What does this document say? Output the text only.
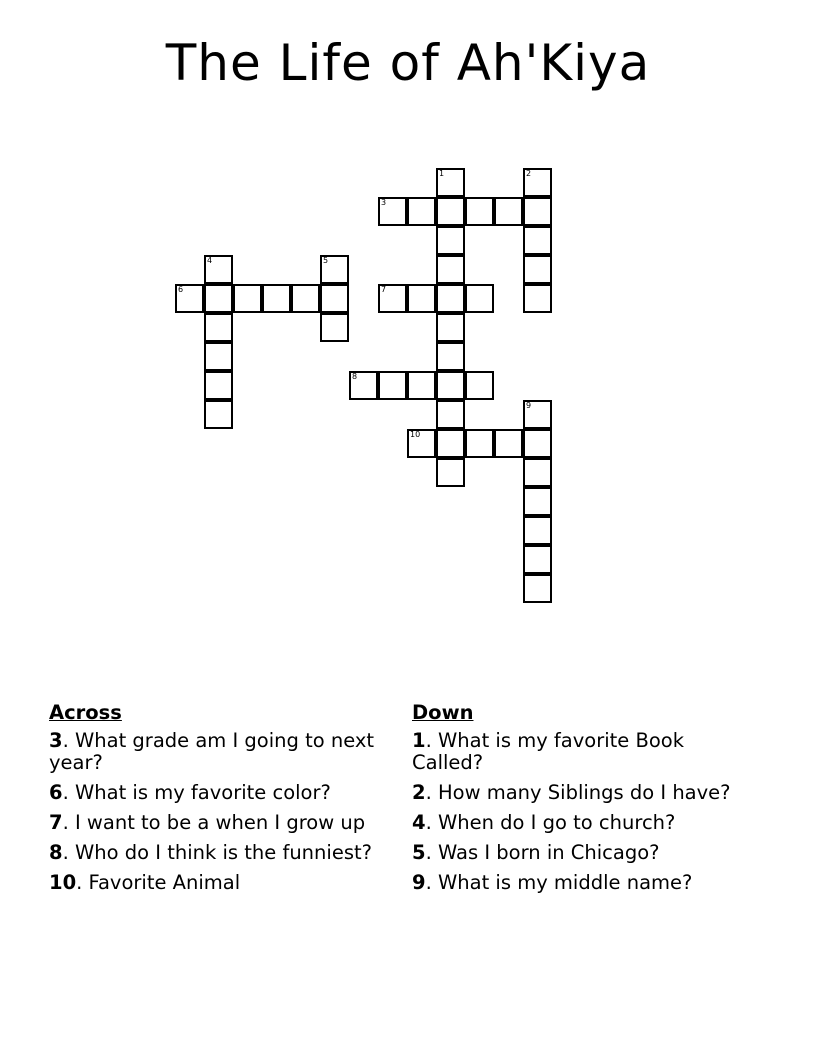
The Life of Ah'Kiya
1	2
3
4	5
6	7
8
9
10
Across
3. What grade am I going to next year?
6. What is my favorite color?
7. I want to be a when I grow up
8. Who do I think is the funniest?
10. Favorite Animal
Down
1. What is my favorite Book Called?
2. How many Siblings do I have?
4. When do I go to church?
5. Was I born in Chicago?
9. What is my middle name?
